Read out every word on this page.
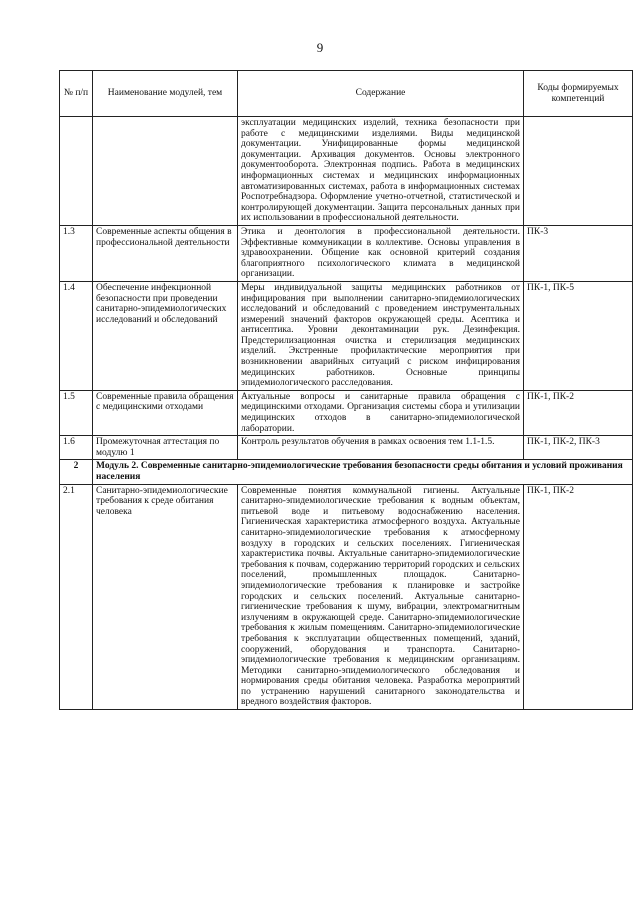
9
№ п/п	Наименование модулей, тем	Содержание	Коды формируемых компетенций
		эксплуатации медицинских изделий, техника безопасности при работе с медицинскими изделиями. Виды медицинской документации. Унифицированные формы медицинской документации. Архивация документов. Основы электронного документооборота. Электронная подпись. Работа в медицинских информационных системах и медицинских информационных автоматизированных системах, работа в информационных системах Роспотребнадзора. Оформление учетно-отчетной, статистической и контролирующей документации. Защита персональных данных при их использовании в профессиональной деятельности.	
1.3	Современные аспекты общения в профессиональной деятельности	Этика и деонтология в профессиональной деятельности. Эффективные коммуникации в коллективе. Основы управления в здравоохранении. Общение как основной критерий создания благоприятного психологического климата в медицинской организации.	ПК-3
1.4	Обеспечение инфекционной безопасности при проведении санитарно-эпидемиологических исследований и обследований	Меры индивидуальной защиты медицинских работников от инфицирования при выполнении санитарно-эпидемиологических исследований и обследований с проведением инструментальных измерений значений факторов окружающей среды. Асептика и антисептика. Уровни деконтаминации рук. Дезинфекция. Предстерилизационная очистка и стерилизация медицинских изделий. Экстренные профилактические мероприятия при возникновении аварийных ситуаций с риском инфицирования медицинских работников. Основные принципы эпидемиологического расследования.	ПК-1, ПК-5
1.5	Современные правила обращения с медицинскими отходами	Актуальные вопросы и санитарные правила обращения с медицинскими отходами. Организация системы сбора и утилизации медицинских отходов в санитарно-эпидемиологической лаборатории.	ПК-1, ПК-2
1.6	Промежуточная аттестация по модулю 1	Контроль результатов обучения в рамках освоения тем 1.1-1.5.	ПК-1, ПК-2, ПК-3
2	Модуль 2. Современные санитарно-эпидемиологические требования безопасности среды обитания и условий проживания населения		
2.1	Санитарно-эпидемиологические требования к среде обитания человека	Современные понятия коммунальной гигиены. Актуальные санитарно-эпидемиологические требования к водным объектам, питьевой воде и питьевому водоснабжению населения. Гигиеническая характеристика атмосферного воздуха. Актуальные санитарно-эпидемиологические требования к атмосферному воздуху в городских и сельских поселениях. Гигиеническая характеристика почвы. Актуальные санитарно-эпидемиологические требования к почвам, содержанию территорий городских и сельских поселений, промышленных площадок. Санитарно-эпидемиологические требования к планировке и застройке городских и сельских поселений. Актуальные санитарно-гигиенические требования к шуму, вибрации, электромагнитным излучениям в окружающей среде. Санитарно-эпидемиологические требования к жилым помещениям. Санитарно-эпидемиологические требования к эксплуатации общественных помещений, зданий, сооружений, оборудования и транспорта. Санитарно-эпидемиологические требования к медицинским организациям. Методики санитарно-эпидемиологического обследования и нормирования среды обитания человека. Разработка мероприятий по устранению нарушений санитарного законодательства и вредного воздействия факторов.	ПК-1, ПК-2
